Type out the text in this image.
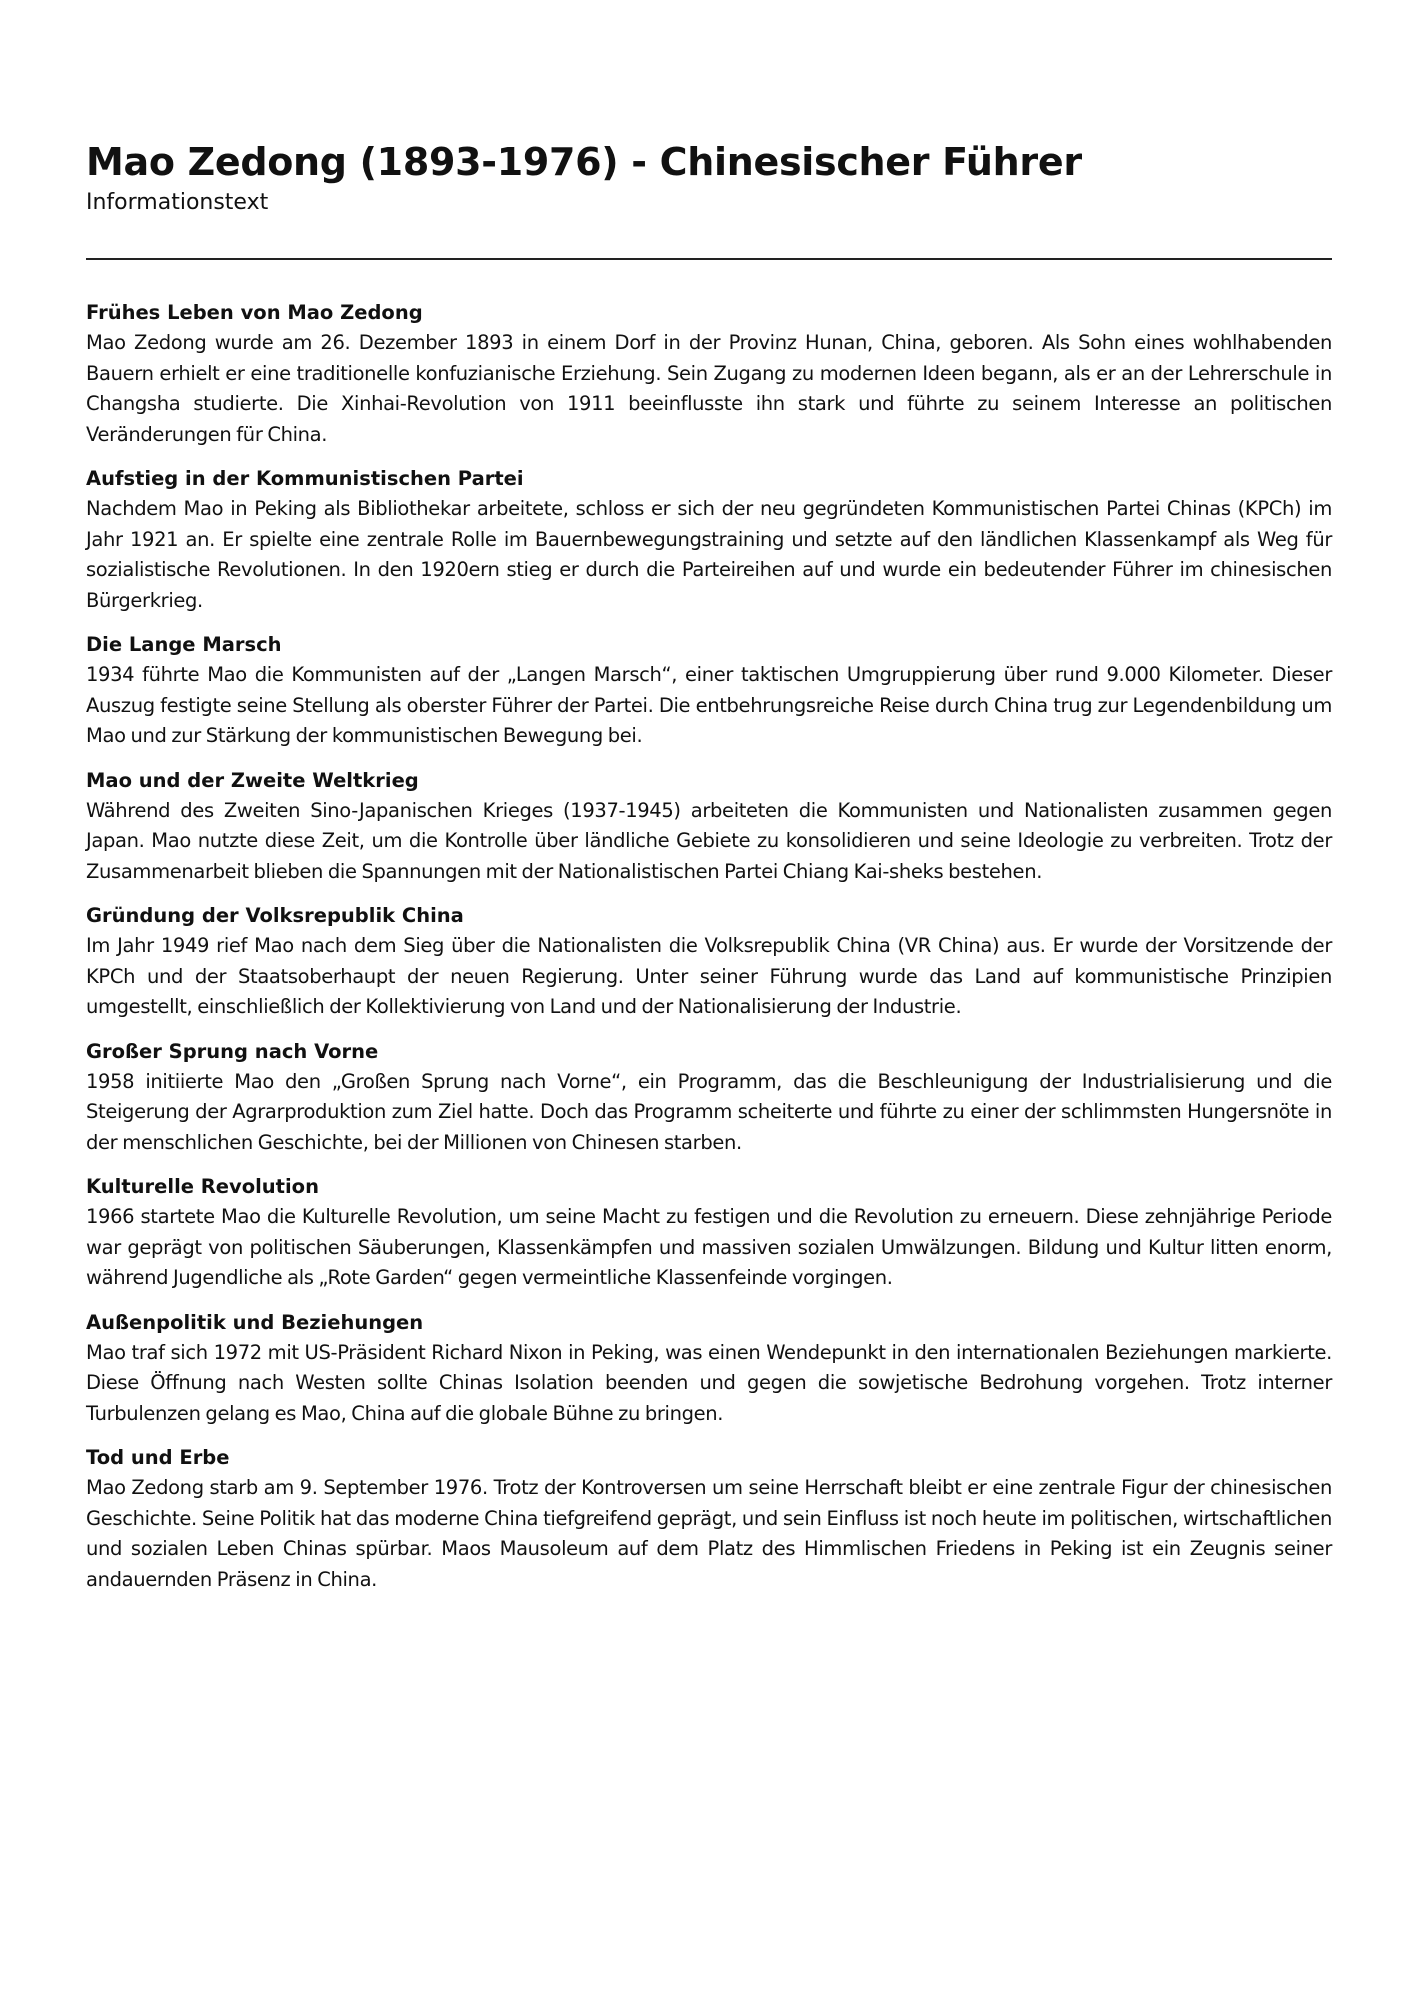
Mao Zedong (1893-1976) - Chinesischer Führer
Informationstext
Frühes Leben von Mao Zedong

Mao Zedong wurde am 26. Dezember 1893 in einem Dorf in der Provinz Hunan, China, geboren. Als Sohn eines wohlhabenden Bauern erhielt er eine traditionelle konfuzianische Erziehung. Sein Zugang zu modernen Ideen begann, als er an der Lehrerschule in Changsha studierte. Die Xinhai-Revolution von 1911 beeinflusste ihn stark und führte zu seinem Interesse an politischen Veränderungen für China.

Aufstieg in der Kommunistischen Partei

Nachdem Mao in Peking als Bibliothekar arbeitete, schloss er sich der neu gegründeten Kommunistischen Partei Chinas (KPCh) im Jahr 1921 an. Er spielte eine zentrale Rolle im Bauernbewegungstraining und setzte auf den ländlichen Klassenkampf als Weg für sozialistische Revolutionen. In den 1920ern stieg er durch die Parteireihen auf und wurde ein bedeutender Führer im chinesischen Bürgerkrieg.

Die Lange Marsch

1934 führte Mao die Kommunisten auf der „Langen Marsch“, einer taktischen Umgruppierung über rund 9.000 Kilometer. Dieser Auszug festigte seine Stellung als oberster Führer der Partei. Die entbehrungsreiche Reise durch China trug zur Legendenbildung um Mao und zur Stärkung der kommunistischen Bewegung bei.

Mao und der Zweite Weltkrieg

Während des Zweiten Sino-Japanischen Krieges (1937-1945) arbeiteten die Kommunisten und Nationalisten zusammen gegen Japan. Mao nutzte diese Zeit, um die Kontrolle über ländliche Gebiete zu konsolidieren und seine Ideologie zu verbreiten. Trotz der Zusammenarbeit blieben die Spannungen mit der Nationalistischen Partei Chiang Kai-sheks bestehen.

Gründung der Volksrepublik China

Im Jahr 1949 rief Mao nach dem Sieg über die Nationalisten die Volksrepublik China (VR China) aus. Er wurde der Vorsitzende der KPCh und der Staatsoberhaupt der neuen Regierung. Unter seiner Führung wurde das Land auf kommunistische Prinzipien umgestellt, einschließlich der Kollektivierung von Land und der Nationalisierung der Industrie.

Großer Sprung nach Vorne

1958 initiierte Mao den „Großen Sprung nach Vorne“, ein Programm, das die Beschleunigung der Industrialisierung und die Steigerung der Agrarproduktion zum Ziel hatte. Doch das Programm scheiterte und führte zu einer der schlimmsten Hungersnöte in der menschlichen Geschichte, bei der Millionen von Chinesen starben.

Kulturelle Revolution

1966 startete Mao die Kulturelle Revolution, um seine Macht zu festigen und die Revolution zu erneuern. Diese zehnjährige Periode war geprägt von politischen Säuberungen, Klassenkämpfen und massiven sozialen Umwälzungen. Bildung und Kultur litten enorm, während Jugendliche als „Rote Garden“ gegen vermeintliche Klassenfeinde vorgingen.

Außenpolitik und Beziehungen

Mao traf sich 1972 mit US-Präsident Richard Nixon in Peking, was einen Wendepunkt in den internationalen Beziehungen markierte. Diese Öffnung nach Westen sollte Chinas Isolation beenden und gegen die sowjetische Bedrohung vorgehen. Trotz interner Turbulenzen gelang es Mao, China auf die globale Bühne zu bringen.

Tod und Erbe

Mao Zedong starb am 9. September 1976. Trotz der Kontroversen um seine Herrschaft bleibt er eine zentrale Figur der chinesischen Geschichte. Seine Politik hat das moderne China tiefgreifend geprägt, und sein Einfluss ist noch heute im politischen, wirtschaftlichen und sozialen Leben Chinas spürbar. Maos Mausoleum auf dem Platz des Himmlischen Friedens in Peking ist ein Zeugnis seiner andauernden Präsenz in China.
